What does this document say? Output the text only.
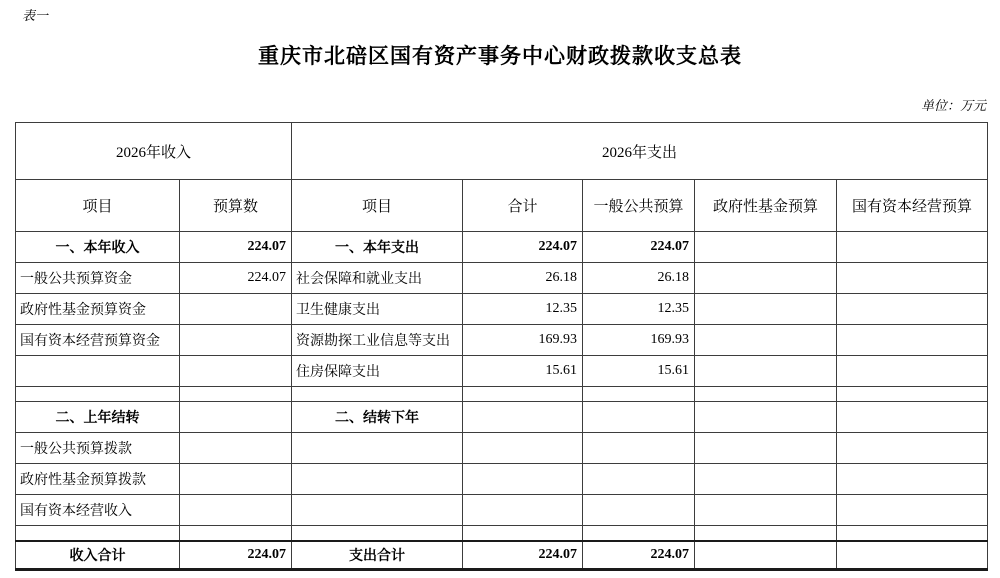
表一
重庆市北碚区国有资产事务中心财政拨款收支总表
单位：万元
2026年收入		2026年支出				
项目	预算数	项目	合计	一般公共预算	政府性基金预算	国有资本经营预算
一、本年收入	224.07	一、本年支出	224.07	224.07		
一般公共预算资金	224.07	社会保障和就业支出	26.18	26.18		
政府性基金预算资金		卫生健康支出	12.35	12.35		
国有资本经营预算资金		资源勘探工业信息等支出	169.93	169.93		
		住房保障支出	15.61	15.61		

二、上年结转		二、结转下年				
一般公共预算拨款						
政府性基金预算拨款						
国有资本经营收入						

收入合计	224.07	支出合计	224.07	224.07		
